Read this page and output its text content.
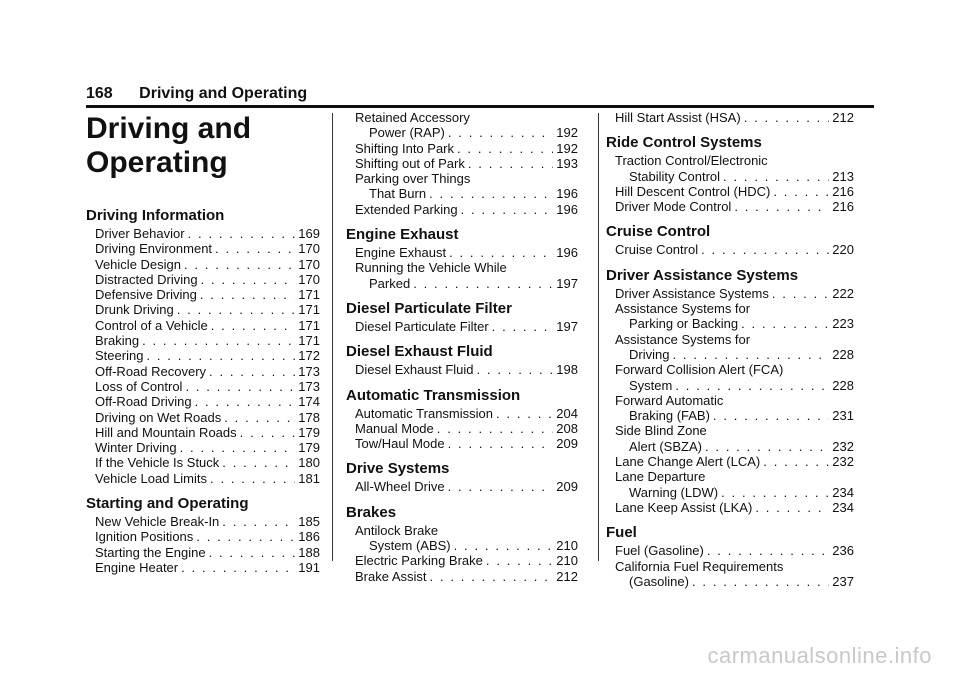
168 Driving and Operating
Driving and
Operating
Driving Information
Driver Behavior . . .	169
Driving Environment . . .	170
Vehicle Design . . .	170
Distracted Driving . . .	170
Defensive Driving . . .	171
Drunk Driving . . .	171
Control of a Vehicle . . .	171
Braking . . .	171
Steering . . .	172
Off-Road Recovery . . .	173
Loss of Control . . .	173
Off-Road Driving . . .	174
Driving on Wet Roads . . .	178
Hill and Mountain Roads . . .	179
Winter Driving . . .	179
If the Vehicle Is Stuck . . .	180
Vehicle Load Limits . . .	181
Starting and Operating
New Vehicle Break-In . . .	185
Ignition Positions . . .	186
Starting the Engine . . .	188
Engine Heater . . .	191
Retained Accessory
Power (RAP) . . .	192
Shifting Into Park . . .	192
Shifting out of Park . . .	193
Parking over Things
That Burn . . .	196
Extended Parking . . .	196
Engine Exhaust
Engine Exhaust . . .	196
Running the Vehicle While
Parked . . .	197
Diesel Particulate Filter
Diesel Particulate Filter . . .	197
Diesel Exhaust Fluid
Diesel Exhaust Fluid . . .	198
Automatic Transmission
Automatic Transmission . . .	204
Manual Mode . . .	208
Tow/Haul Mode . . .	209
Drive Systems
All-Wheel Drive . . .	209
Brakes
Antilock Brake
System (ABS) . . .	210
Electric Parking Brake . . .	210
Brake Assist . . .	212
Hill Start Assist (HSA) . . .	212
Ride Control Systems
Traction Control/Electronic
Stability Control . . .	213
Hill Descent Control (HDC) . . .	216
Driver Mode Control . . .	216
Cruise Control
Cruise Control . . .	220
Driver Assistance Systems
Driver Assistance Systems . . .	222
Assistance Systems for
Parking or Backing . . .	223
Assistance Systems for
Driving . . .	228
Forward Collision Alert (FCA)
System . . .	228
Forward Automatic
Braking (FAB) . . .	231
Side Blind Zone
Alert (SBZA) . . .	232
Lane Change Alert (LCA) . . .	232
Lane Departure
Warning (LDW) . . .	234
Lane Keep Assist (LKA) . . .	234
Fuel
Fuel (Gasoline) . . .	236
California Fuel Requirements
(Gasoline) . . .	237
carmanualsonline.info
